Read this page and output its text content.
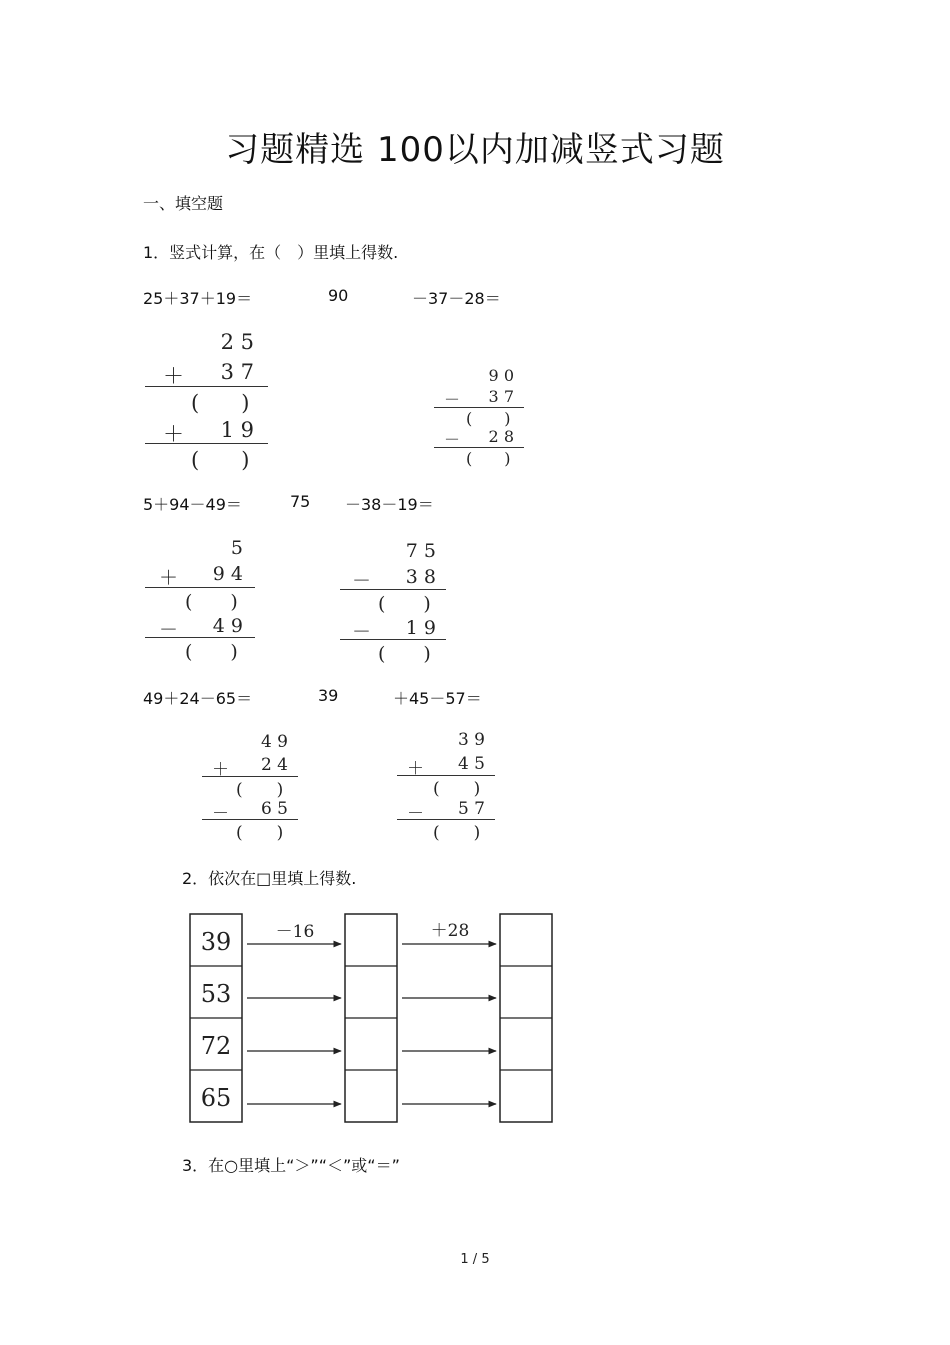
习题精选 100以内加减竖式习题
一、填空题
1．竖式计算，在（　）里填上得数.
25＋37＋19＝	90	－37－28＝
2 5
＋ 3 7
(　　)
＋ 1 9
(　　)
9 0
－ 3 7
(　　)
－ 2 8
(　　)
5＋94－49＝	75 －38－19＝
5
＋ 9 4
(　　)
－ 4 9
(　　)
7 5
－ 3 8
(　　)
－ 1 9
(　　)
49＋24－65＝	39	＋45－57＝
4 9
＋ 2 4
(　　)
－ 6 5
(　　)
3 9
＋ 4 5
(　　)
－ 5 7
(　　)
2．依次在□里填上得数.
39
53
72
65
－16	＋28
3．在○里填上“＞”“＜”或“＝”
1 / 5
